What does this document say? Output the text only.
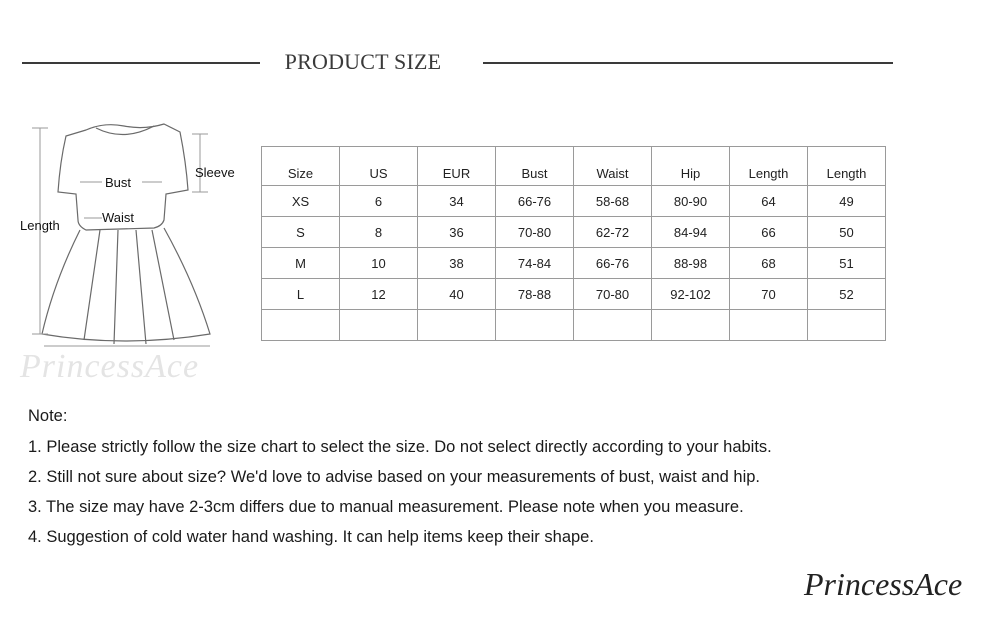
PRODUCT SIZE
Bust
Sleeve
Waist
Length
PrincessAce
Size	US	EUR	Bust	Waist	Hip	Length	Length
XS	6	34	66-76	58-68	80-90	64	49
S	8	36	70-80	62-72	84-94	66	50
M	10	38	74-84	66-76	88-98	68	51
L	12	40	78-88	70-80	92-102	70	52

Note:
1. Please strictly follow the size chart to select the size. Do not select directly according to your habits.
2. Still not sure about size? We'd love to advise based on your measurements of bust, waist and hip.
3. The size may have 2-3cm differs due to manual measurement. Please note when you measure.
4. Suggestion of cold water hand washing. It can help items keep their shape.
PrincessAce
